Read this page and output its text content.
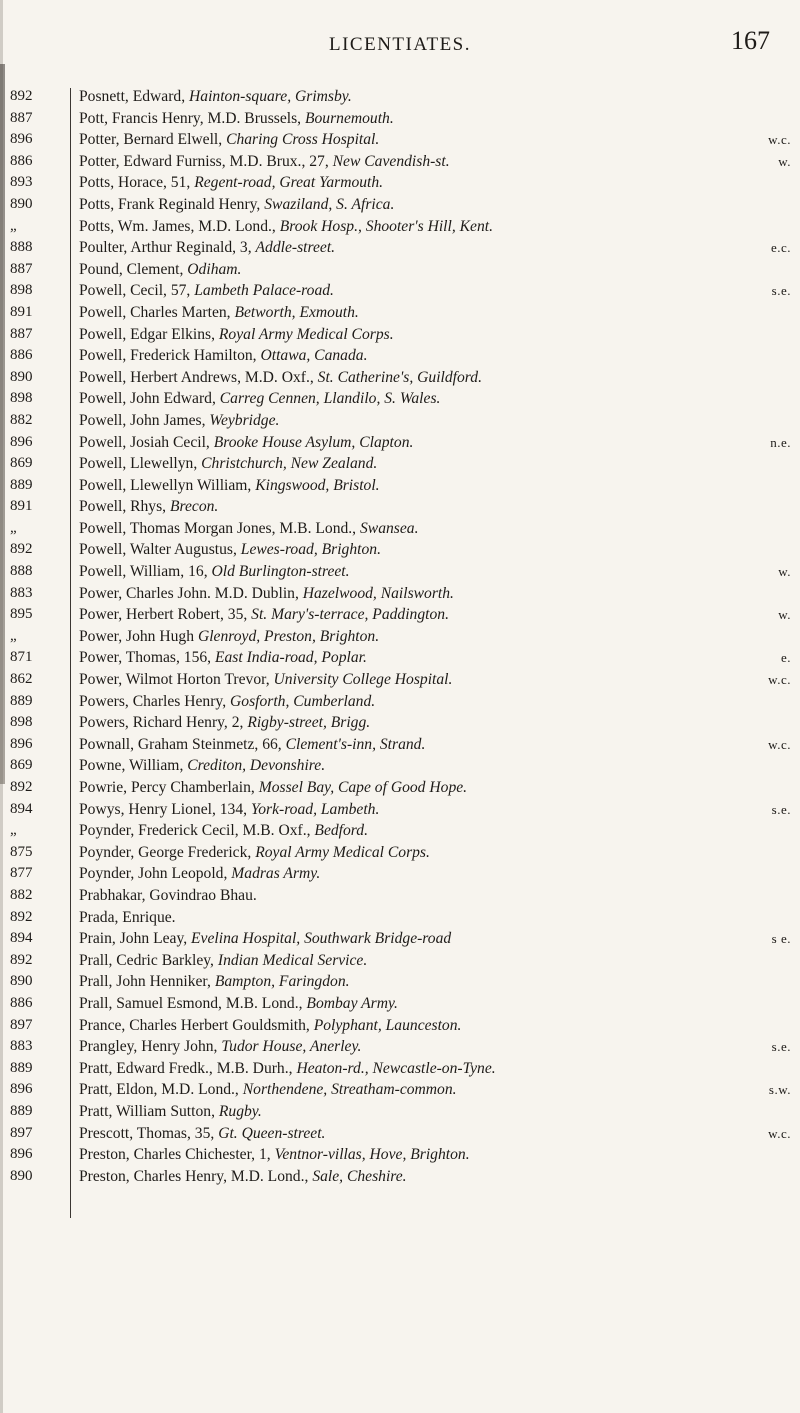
LICENTIATES.	167
892	Posnett, Edward, Hainton-square, Grimsby.
887	Pott, Francis Henry, M.D. Brussels, Bournemouth.
896	Potter, Bernard Elwell, Charing Cross Hospital.	w.c.
886	Potter, Edward Furniss, M.D. Brux., 27, New Cavendish-st.	w.
893	Potts, Horace, 51, Regent-road, Great Yarmouth.
890	Potts, Frank Reginald Henry, Swaziland, S. Africa.
„	Potts, Wm. James, M.D. Lond., Brook Hosp., Shooter's Hill, Kent.
888	Poulter, Arthur Reginald, 3, Addle-street.	e.c.
887	Pound, Clement, Odiham.
898	Powell, Cecil, 57, Lambeth Palace-road.	s.e.
891	Powell, Charles Marten, Betworth, Exmouth.
887	Powell, Edgar Elkins, Royal Army Medical Corps.
886	Powell, Frederick Hamilton, Ottawa, Canada.
890	Powell, Herbert Andrews, M.D. Oxf., St. Catherine's, Guildford.
898	Powell, John Edward, Carreg Cennen, Llandilo, S. Wales.
882	Powell, John James, Weybridge.
896	Powell, Josiah Cecil, Brooke House Asylum, Clapton.	n.e.
869	Powell, Llewellyn, Christchurch, New Zealand.
889	Powell, Llewellyn William, Kingswood, Bristol.
891	Powell, Rhys, Brecon.
„	Powell, Thomas Morgan Jones, M.B. Lond., Swansea.
892	Powell, Walter Augustus, Lewes-road, Brighton.
888	Powell, William, 16, Old Burlington-street.	w.
883	Power, Charles John. M.D. Dublin, Hazelwood, Nailsworth.
895	Power, Herbert Robert, 35, St. Mary's-terrace, Paddington.	w.
„	Power, John Hugh Glenroyd, Preston, Brighton.
871	Power, Thomas, 156, East India-road, Poplar.	e.
862	Power, Wilmot Horton Trevor, University College Hospital.	w.c.
889	Powers, Charles Henry, Gosforth, Cumberland.
898	Powers, Richard Henry, 2, Rigby-street, Brigg.
896	Pownall, Graham Steinmetz, 66, Clement's-inn, Strand.	w.c.
869	Powne, William, Crediton, Devonshire.
892	Powrie, Percy Chamberlain, Mossel Bay, Cape of Good Hope.
894	Powys, Henry Lionel, 134, York-road, Lambeth.	s.e.
„	Poynder, Frederick Cecil, M.B. Oxf., Bedford.
875	Poynder, George Frederick, Royal Army Medical Corps.
877	Poynder, John Leopold, Madras Army.
882	Prabhakar, Govindrao Bhau.
892	Prada, Enrique.
894	Prain, John Leay, Evelina Hospital, Southwark Bridge-road	s e.
892	Prall, Cedric Barkley, Indian Medical Service.
890	Prall, John Henniker, Bampton, Faringdon.
886	Prall, Samuel Esmond, M.B. Lond., Bombay Army.
897	Prance, Charles Herbert Gouldsmith, Polyphant, Launceston.
883	Prangley, Henry John, Tudor House, Anerley.	s.e.
889	Pratt, Edward Fredk., M.B. Durh., Heaton-rd., Newcastle-on-Tyne.
896	Pratt, Eldon, M.D. Lond., Northendene, Streatham-common.	s.w.
889	Pratt, William Sutton, Rugby.
897	Prescott, Thomas, 35, Gt. Queen-street.	w.c.
896	Preston, Charles Chichester, 1, Ventnor-villas, Hove, Brighton.
890	Preston, Charles Henry, M.D. Lond., Sale, Cheshire.
